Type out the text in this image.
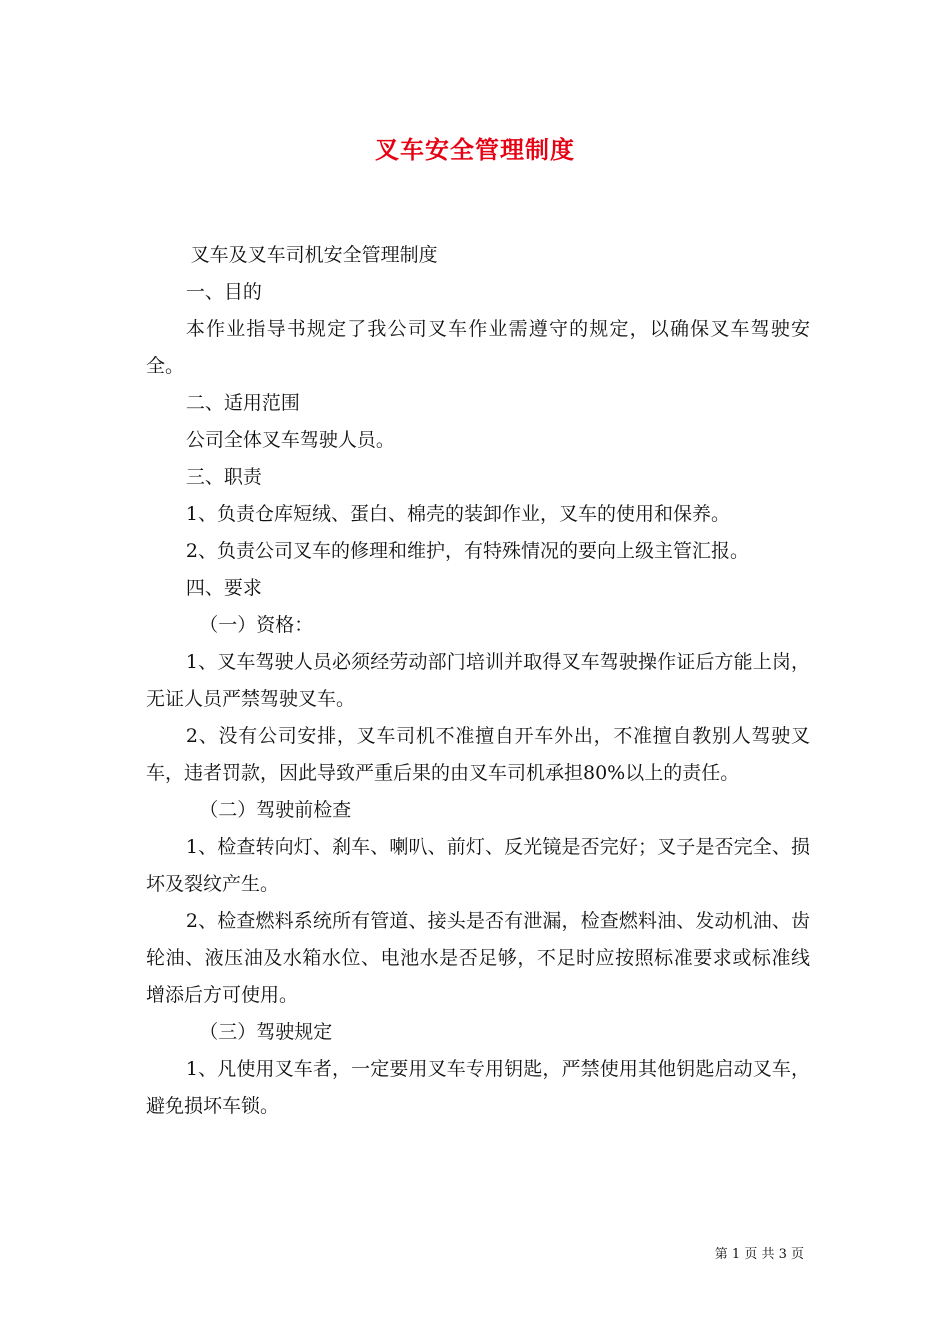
叉车安全管理制度

叉车及叉车司机安全管理制度

一、目的

本作业指导书规定了我公司叉车作业需遵守的规定，以确保叉车驾驶安全。

二、适用范围

公司全体叉车驾驶人员。

三、职责

1、负责仓库短绒、蛋白、棉壳的装卸作业，叉车的使用和保养。

2、负责公司叉车的修理和维护，有特殊情况的要向上级主管汇报。

四、要求

（一）资格：

1、叉车驾驶人员必须经劳动部门培训并取得叉车驾驶操作证后方能上岗，无证人员严禁驾驶叉车。

2、没有公司安排，叉车司机不准擅自开车外出，不准擅自教别人驾驶叉车，违者罚款，因此导致严重后果的由叉车司机承担80%以上的责任。

（二）驾驶前检查

1、检查转向灯、刹车、喇叭、前灯、反光镜是否完好；叉子是否完全、损坏及裂纹产生。

2、检查燃料系统所有管道、接头是否有泄漏，检查燃料油、发动机油、齿轮油、液压油及水箱水位、电池水是否足够，不足时应按照标准要求或标准线增添后方可使用。

（三）驾驶规定

1、凡使用叉车者，一定要用叉车专用钥匙，严禁使用其他钥匙启动叉车，避免损坏车锁。

第 1 页 共 3 页
